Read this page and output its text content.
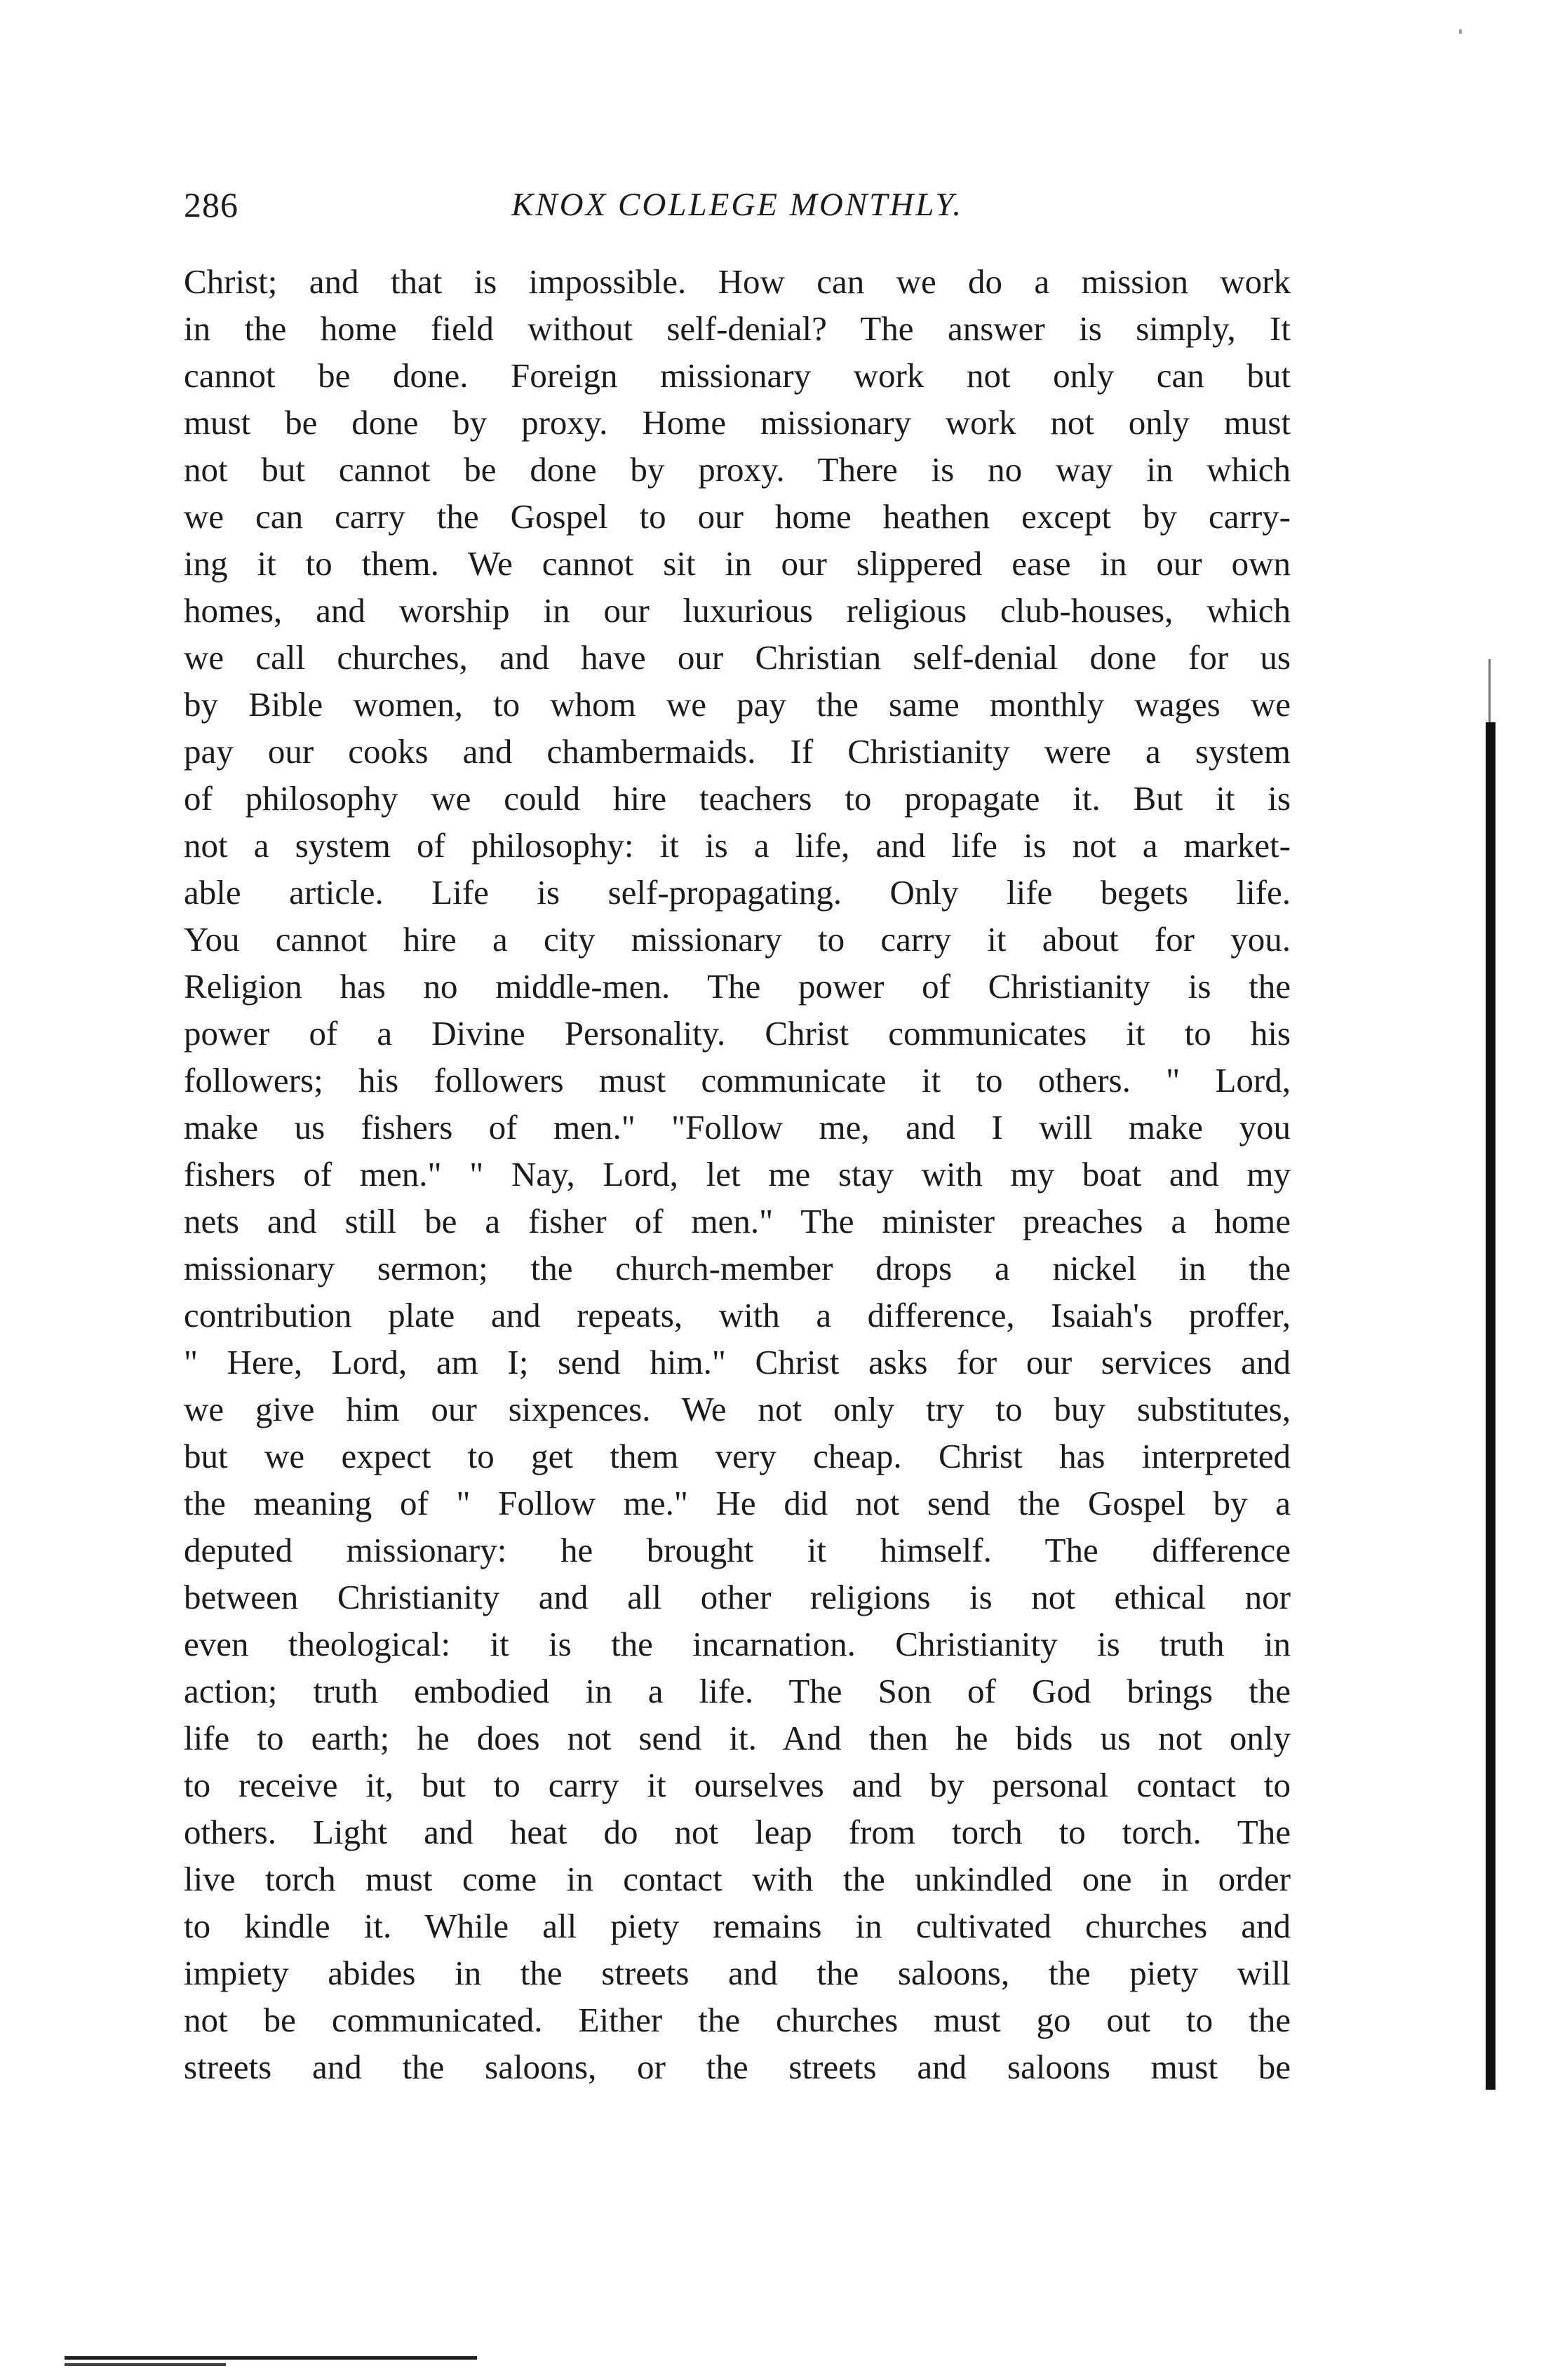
286	KNOX COLLEGE MONTHLY.
Christ; and that is impossible. How can we do a mission work
in the home field without self-denial? The answer is simply, It
cannot be done. Foreign missionary work not only can but
must be done by proxy. Home missionary work not only must
not but cannot be done by proxy. There is no way in which
we can carry the Gospel to our home heathen except by carry-
ing it to them. We cannot sit in our slippered ease in our own
homes, and worship in our luxurious religious club-houses, which
we call churches, and have our Christian self-denial done for us
by Bible women, to whom we pay the same monthly wages we
pay our cooks and chambermaids. If Christianity were a system
of philosophy we could hire teachers to propagate it. But it is
not a system of philosophy: it is a life, and life is not a market-
able article. Life is self-propagating. Only life begets life.
You cannot hire a city missionary to carry it about for you.
Religion has no middle-men. The power of Christianity is the
power of a Divine Personality. Christ communicates it to his
followers; his followers must communicate it to others. " Lord,
make us fishers of men." "Follow me, and I will make you
fishers of men." " Nay, Lord, let me stay with my boat and my
nets and still be a fisher of men." The minister preaches a home
missionary sermon; the church-member drops a nickel in the
contribution plate and repeats, with a difference, Isaiah's proffer,
" Here, Lord, am I; send him." Christ asks for our services and
we give him our sixpences. We not only try to buy substitutes,
but we expect to get them very cheap. Christ has interpreted
the meaning of " Follow me." He did not send the Gospel by a
deputed missionary: he brought it himself. The difference
between Christianity and all other religions is not ethical nor
even theological: it is the incarnation. Christianity is truth in
action; truth embodied in a life. The Son of God brings the
life to earth; he does not send it. And then he bids us not only
to receive it, but to carry it ourselves and by personal contact to
others. Light and heat do not leap from torch to torch. The
live torch must come in contact with the unkindled one in order
to kindle it. While all piety remains in cultivated churches and
impiety abides in the streets and the saloons, the piety will
not be communicated. Either the churches must go out to the
streets and the saloons, or the streets and saloons must be
